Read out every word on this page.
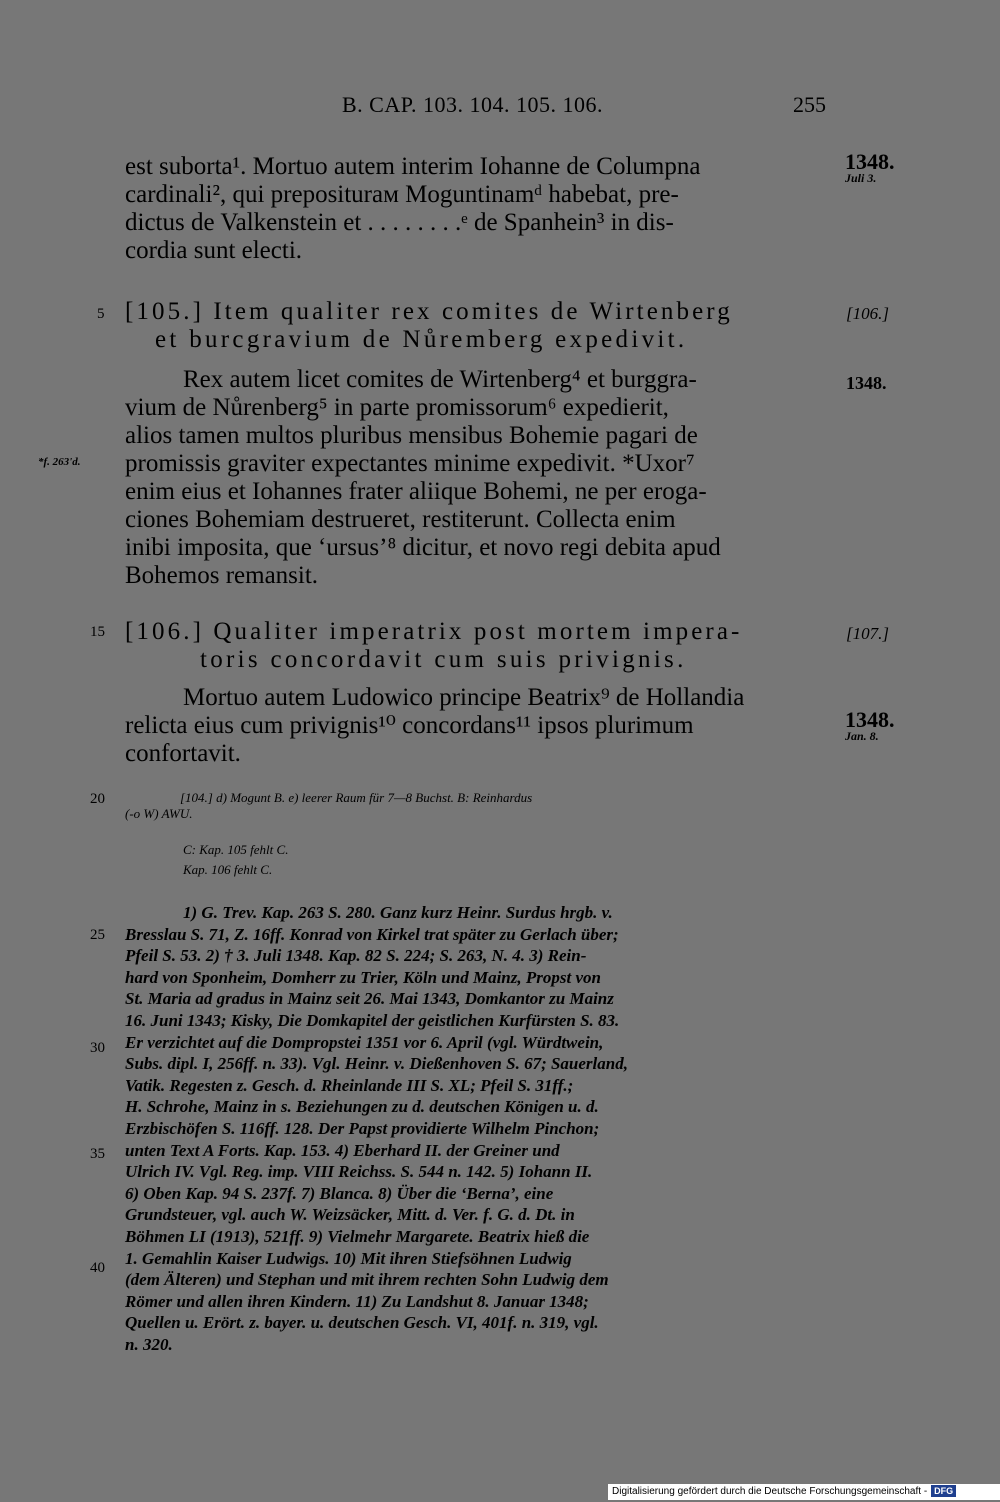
B. CAP. 103. 104. 105. 106.	255
est suborta¹. Mortuo autem interim Iohanne de Columpna
cardinali², qui prepositurам Moguntinamᵈ habebat, pre-
dictus de Valkenstein et . . . . . . . .ᵉ de Spanhein³ in dis-
cordia sunt electi.
1348.
Juli 3.
5 [105.] Item qualiter rex comites de Wirtenberg
et burcgravium de Nůremberg expedivit.
[106.]
Rex autem licet comites de Wirtenberg⁴ et burggra-
vium de Nůrenberg⁵ in parte promissorum⁶ expedierit,
alios tamen multos pluribus mensibus Bohemie pagari de
promissis graviter expectantes minime expedivit. *Uxor⁷
enim eius et Iohannes frater aliique Bohemi, ne per eroga-
ciones Bohemiam destrueret, restiterunt. Collecta enim
inibi imposita, que ‘ursus’⁸ dicitur, et novo regi debita apud
Bohemos remansit.
1348.
*f. 263'd.
15 [106.] Qualiter imperatrix post mortem impera-
toris concordavit cum suis privignis.
[107.]
Mortuo autem Ludowico principe Beatrix⁹ de Hollandia
relicta eius cum privignis¹⁰ concordans¹¹ ipsos plurimum
confortavit.
1348.
Jan. 8.
20	[104.] d) Mogunt B. e) leerer Raum für 7—8 Buchst. B: Reinhardus
(-o W) AWU.
C: Kap. 105 fehlt C.
Kap. 106 fehlt C.
1) G. Trev. Kap. 263 S. 280. Ganz kurz Heinr. Surdus hrgb. v.
Bresslau S. 71, Z. 16ff. Konrad von Kirkel trat später zu Gerlach über;
Pfeil S. 53. 2) † 3. Juli 1348. Kap. 82 S. 224; S. 263, N. 4. 3) Rein-
hard von Sponheim, Domherr zu Trier, Köln und Mainz, Propst von
St. Maria ad gradus in Mainz seit 26. Mai 1343, Domkantor zu Mainz
16. Juni 1343; Kisky, Die Domkapitel der geistlichen Kurfürsten S. 83.
Er verzichtet auf die Dompropstei 1351 vor 6. April (vgl. Würdtwein,
Subs. dipl. I, 256ff. n. 33). Vgl. Heinr. v. Dießenhoven S. 67; Sauerland,
Vatik. Regesten z. Gesch. d. Rheinlande III S. XL; Pfeil S. 31ff.;
H. Schrohe, Mainz in s. Beziehungen zu d. deutschen Königen u. d.
Erzbischöfen S. 116ff. 128. Der Papst providierte Wilhelm Pinchon;
unten Text A Forts. Kap. 153. 4) Eberhard II. der Greiner und
Ulrich IV. Vgl. Reg. imp. VIII Reichss. S. 544 n. 142. 5) Iohann II.
6) Oben Kap. 94 S. 237f. 7) Blanca. 8) Über die ‘Berna’, eine
Grundsteuer, vgl. auch W. Weizsäcker, Mitt. d. Ver. f. G. d. Dt. in
Böhmen LI (1913), 521ff. 9) Vielmehr Margarete. Beatrix hieß die
1. Gemahlin Kaiser Ludwigs. 10) Mit ihren Stiefsöhnen Ludwig
(dem Älteren) und Stephan und mit ihrem rechten Sohn Ludwig dem
Römer und allen ihren Kindern. 11) Zu Landshut 8. Januar 1348;
Quellen u. Erört. z. bayer. u. deutschen Gesch. VI, 401f. n. 319, vgl.
n. 320.
25
30
35
40
Digitalisierung gefördert durch die Deutsche Forschungsgemeinschaft - DFG
